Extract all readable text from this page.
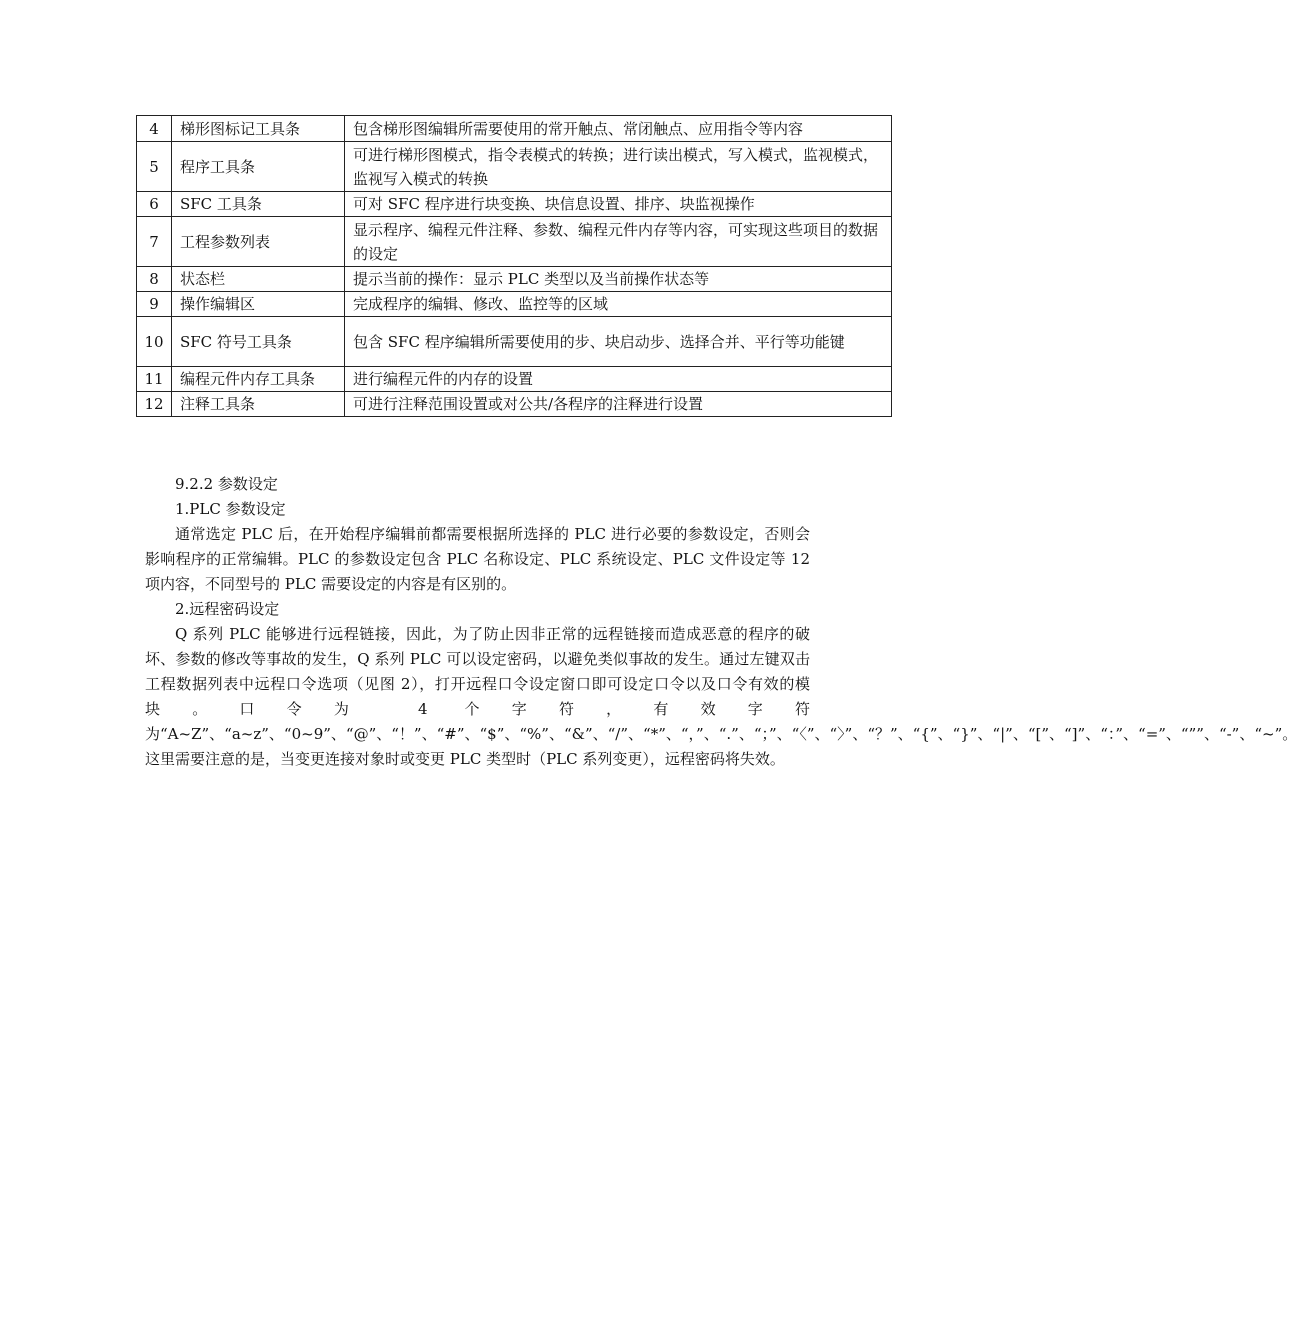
4	梯形图标记工具条	包含梯形图编辑所需要使用的常开触点、常闭触点、应用指令等内容
5	程序工具条	可进行梯形图模式，指令表模式的转换；进行读出模式，写入模式，监视模式，监视写入模式的转换
6	SFC 工具条	可对 SFC 程序进行块变换、块信息设置、排序、块监视操作
7	工程参数列表	显示程序、编程元件注释、参数、编程元件内存等内容，可实现这些项目的数据的设定
8	状态栏	提示当前的操作：显示 PLC 类型以及当前操作状态等
9	操作编辑区	完成程序的编辑、修改、监控等的区域
10	SFC 符号工具条	包含 SFC 程序编辑所需要使用的步、块启动步、选择合并、平行等功能键
11	编程元件内存工具条	进行编程元件的内存的设置
12	注释工具条	可进行注释范围设置或对公共/各程序的注释进行设置

9.2.2 参数设定

1.PLC 参数设定

通常选定 PLC 后，在开始程序编辑前都需要根据所选择的 PLC 进行必要的参数设定，否则会影响程序的正常编辑。PLC 的参数设定包含 PLC 名称设定、PLC 系统设定、PLC 文件设定等 12 项内容，不同型号的 PLC 需要设定的内容是有区别的。

2.远程密码设定

Q 系列 PLC 能够进行远程链接，因此，为了防止因非正常的远程链接而造成恶意的程序的破坏、参数的修改等事故的发生，Q 系列 PLC 可以设定密码，以避免类似事故的发生。通过左键双击工程数据列表中远程口令选项（见图 2），打开远程口令设定窗口即可设定口令以及口令有效的模块。口令为 4 个字符，有效字符为“A~Z”、“a~z”、“0~9”、“@”、“！”、“#”、“$”、“%”、“&”、“/”、“*”、“，”、“.”、“；”、“〈”、“〉”、“？”、“{”、“}”、“|”、“[”、“]”、“：”、“=”、“””、“-”、“~”。这里需要注意的是，当变更连接对象时或变更 PLC 类型时（PLC 系列变更），远程密码将失效。
